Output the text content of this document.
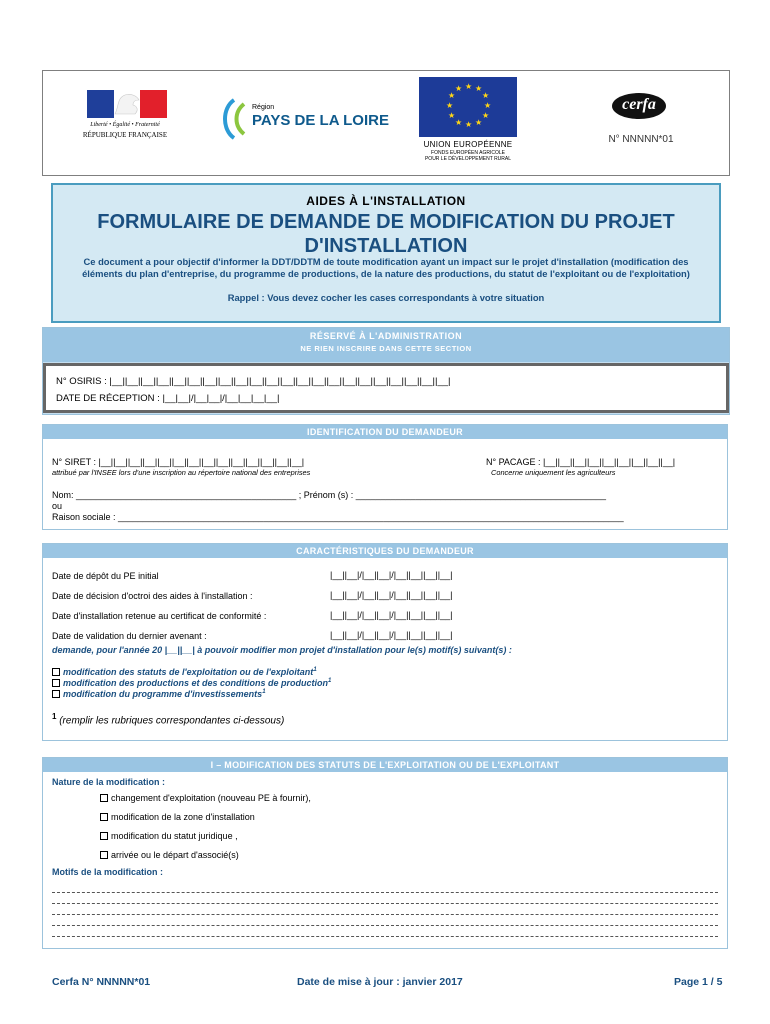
Liberté • Égalité • Fraternité
RÉPUBLIQUE FRANÇAISE
Région
PAYS DE LA LOIRE
★ ★
★
★
★
★
★
★
★
★
★
★
UNION EUROPÉENNE
FONDS EUROPÉEN AGRICOLE
POUR LE DÉVELOPPEMENT RURAL
cerfa
N° NNNNN*01
AIDES À L'INSTALLATION
FORMULAIRE DE DEMANDE DE MODIFICATION DU PROJET
D'INSTALLATION
Ce document a pour objectif d'informer la DDT/DDTM de toute modification ayant un impact sur le projet d'installation (modification des éléments du plan d'entreprise, du programme de productions, de la nature des productions, du statut de l'exploitant ou de l'exploitation)
Rappel : Vous devez cocher les cases correspondants à votre situation
RÉSERVÉ À L'ADMINISTRATION
NE RIEN INSCRIRE DANS CETTE SECTION
N° OSIRIS : |__||__||__||__||__||__||__||__||__||__||__||__||__||__||__||__||__||__||__||__||__||__|
DATE DE RÉCEPTION : |__|__|/|__|__|/|__|__|__|__|
IDENTIFICATION DU DEMANDEUR
N° SIRET : |__||__||__||__||__||__||__||__||__||__||__||__||__||__|
attribué par l'INSEE lors d'une inscription au répertoire national des entreprises
N° PACAGE : |__||__||__||__||__||__||__||__||__|
Concerne uniquement les agriculteurs
Nom: ____________________________________________ ; Prénom (s) : __________________________________________________
ou
Raison sociale : _____________________________________________________________________________________________________
CARACTÉRISTIQUES DU DEMANDEUR
Date de dépôt du PE initial	|__||__|/|__||__|/|__||__||__||__|
Date de décision d'octroi des aides à l'installation :	|__||__|/|__||__|/|__||__||__||__|
Date d'installation retenue au certificat de conformité :	|__||__|/|__||__|/|__||__||__||__|
Date de validation du dernier avenant :	|__||__|/|__||__|/|__||__||__||__|
demande, pour l'année 20 |__||__| à pouvoir modifier mon projet d'installation pour le(s) motif(s) suivant(s) :
modification des statuts de l'exploitation ou de l'exploitant$^1$
modification des productions et des conditions de production$^1$
modification du programme d'investissements$^1$
$^1$ (remplir les rubriques correspondantes ci-dessous)
I – MODIFICATION DES STATUTS DE L'EXPLOITATION OU DE L'EXPLOITANT
Nature de la modification :
changement d'exploitation (nouveau PE à fournir),
modification de la zone d'installation
modification du statut juridique ,
arrivée ou le départ d'associé(s)
Motifs de la modification :
Cerfa N° NNNNN*01	Date de mise à jour : janvier 2017	Page 1 / 5
